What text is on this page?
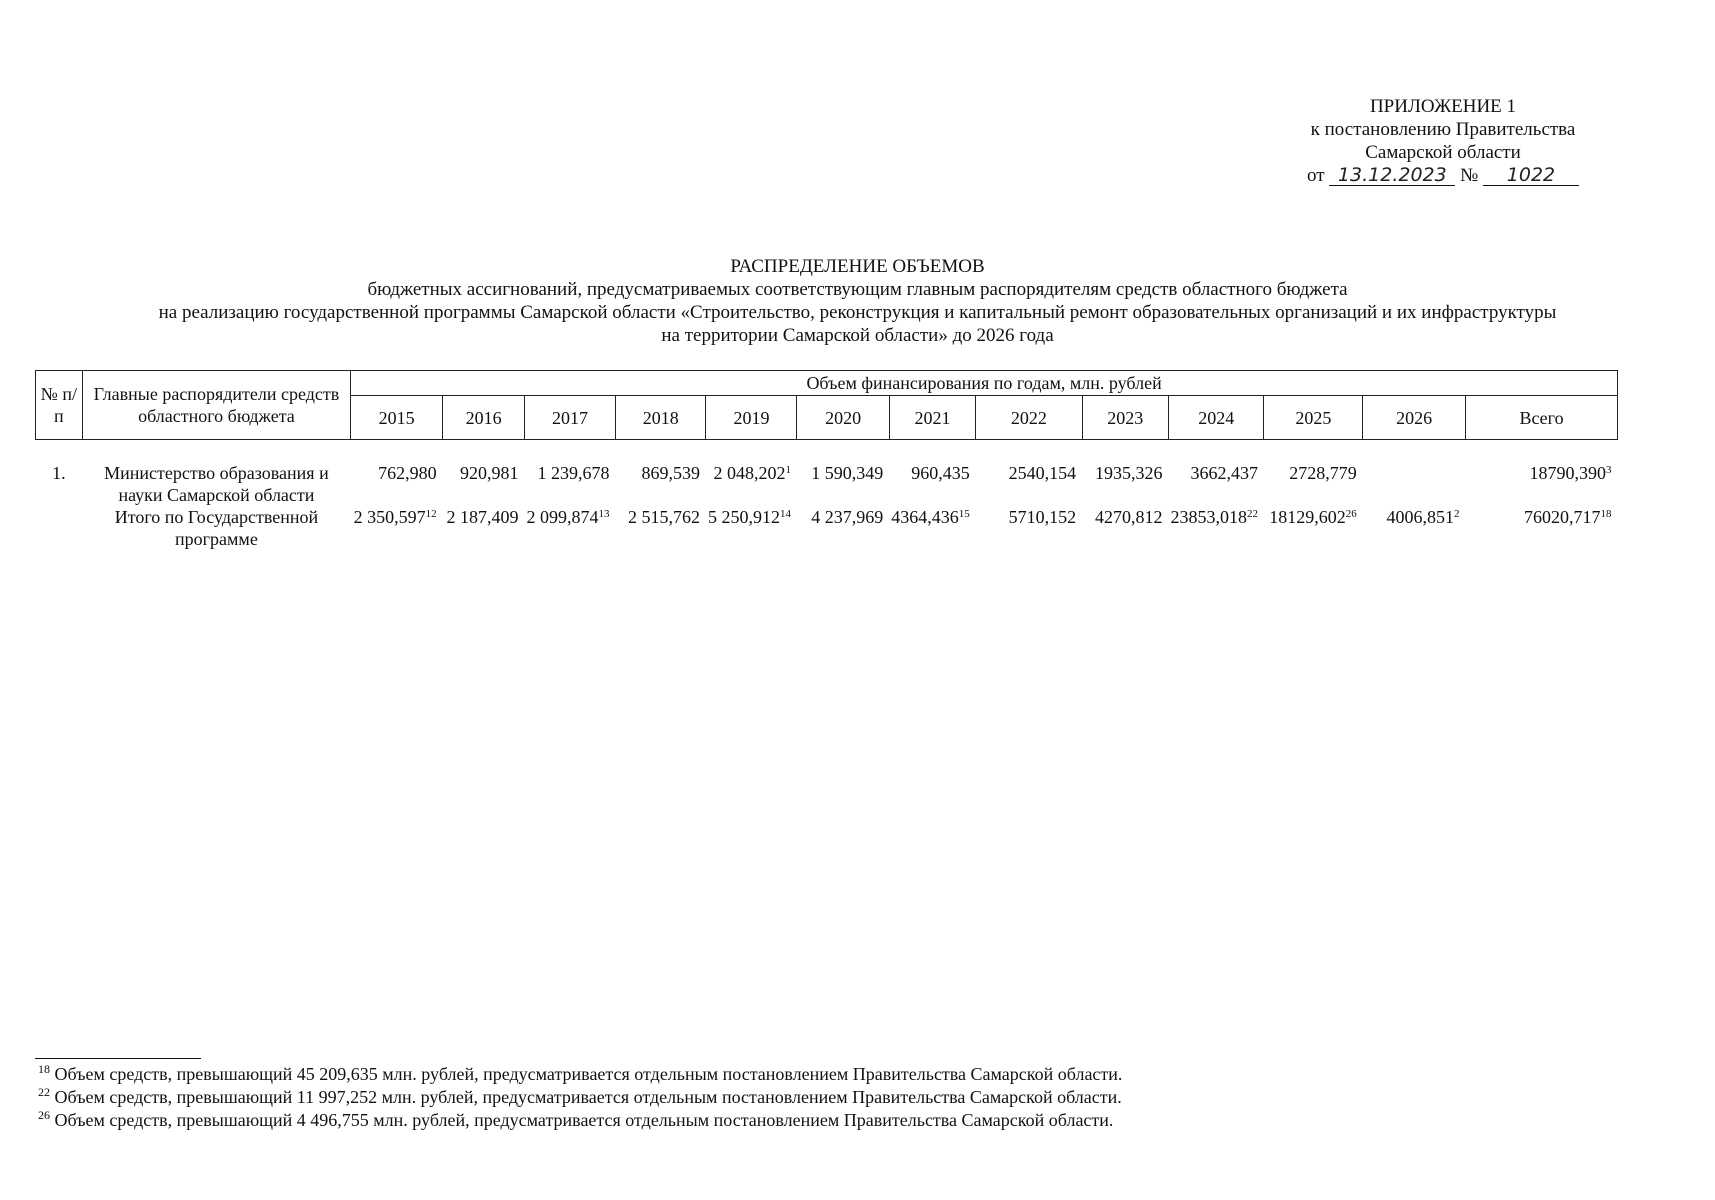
ПРИЛОЖЕНИЕ 1
к постановлению Правительства
Самарской области
от 13.12.2023 № 1022
РАСПРЕДЕЛЕНИЕ ОБЪЕМОВ
бюджетных ассигнований, предусматриваемых соответствующим главным распорядителям средств областного бюджета
на реализацию государственной программы Самарской области «Строительство, реконструкция и капитальный ремонт образовательных организаций и их инфраструктуры
на территории Самарской области» до 2026 года
№ п/п	Главные распорядители средств областного бюджета	Объем финансирования по годам, млн. рублей												
		2015	2016	2017	2018	2019	2020	2021	2022	2023	2024	2025	2026	Всего

1.	Министерство образования и науки Самарской области	762,980	920,981	1 239,678	869,539	2 048,202$^1$	1 590,349	960,435	2540,154	1935,326	3662,437	2728,779		18790,390$^3$
	Итого по Государственной программе	2 350,597$^{12}$	2 187,409	2 099,874$^{13}$	2 515,762	5 250,912$^{14}$	4 237,969	4364,436$^{15}$	5710,152	4270,812	23853,018$^{22}$	18129,602$^{26}$	4006,851$^2$	76020,717$^{18}$
$^{18}$ Объем средств, превышающий 45 209,635 млн. рублей, предусматривается отдельным постановлением Правительства Самарской области.
$^{22}$ Объем средств, превышающий 11 997,252 млн. рублей, предусматривается отдельным постановлением Правительства Самарской области.
$^{26}$ Объем средств, превышающий 4 496,755 млн. рублей, предусматривается отдельным постановлением Правительства Самарской области.
